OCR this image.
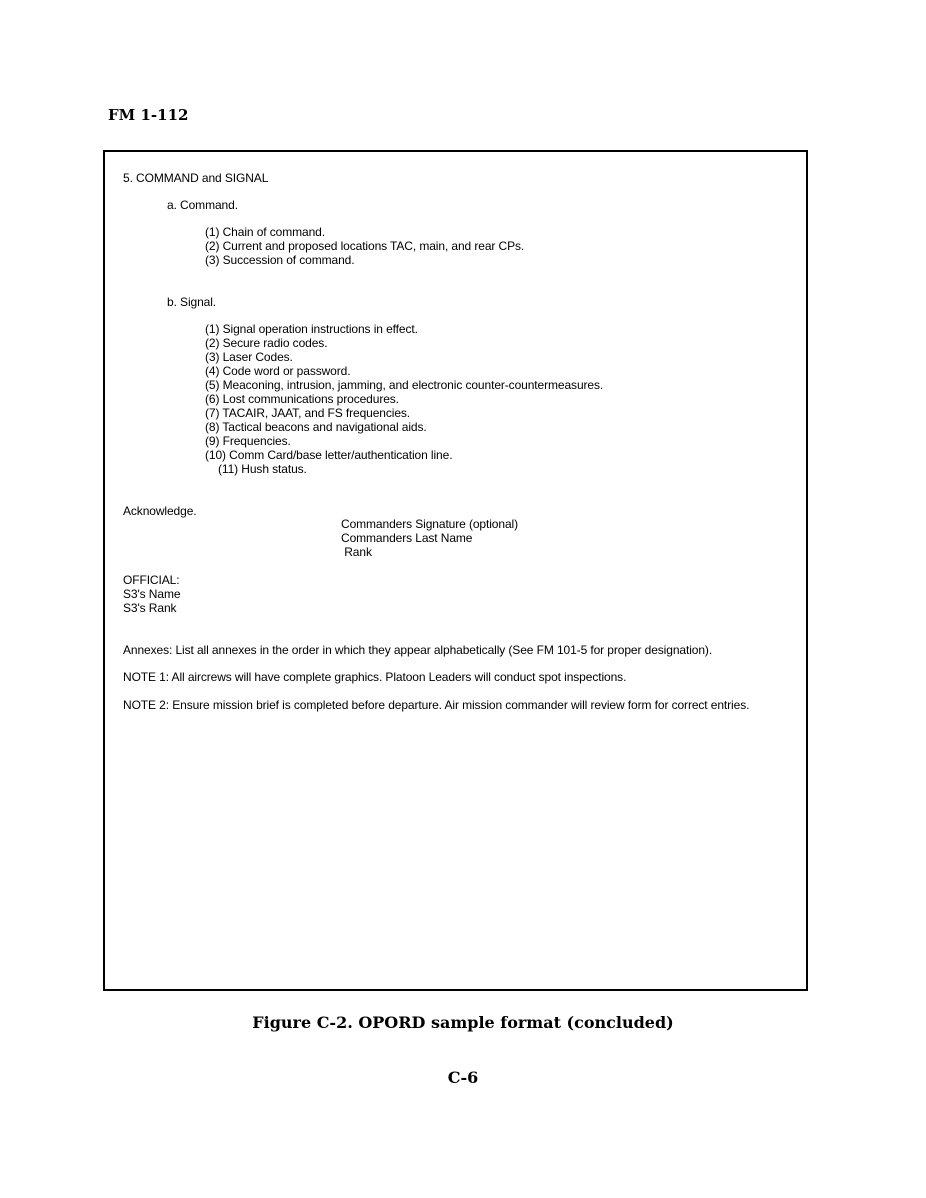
FM 1-112
5. COMMAND and SIGNAL
a. Command.
(1) Chain of command.
(2) Current and proposed locations TAC, main, and rear CPs.
(3) Succession of command.
b. Signal.
(1) Signal operation instructions in effect.
(2) Secure radio codes.
(3) Laser Codes.
(4) Code word or password.
(5) Meaconing, intrusion, jamming, and electronic counter-countermeasures.
(6) Lost communications procedures.
(7) TACAIR, JAAT, and FS frequencies.
(8) Tactical beacons and navigational aids.
(9) Frequencies.
(10) Comm Card/base letter/authentication line.
(11) Hush status.
Acknowledge.
Commanders Signature (optional)
Commanders Last Name
Rank
OFFICIAL:
S3's Name
S3's Rank
Annexes: List all annexes in the order in which they appear alphabetically (See FM 101-5 for proper designation).
NOTE 1: All aircrews will have complete graphics. Platoon Leaders will conduct spot inspections.
NOTE 2: Ensure mission brief is completed before departure. Air mission commander will review form for correct entries.
Figure C-2. OPORD sample format (concluded)
C-6
